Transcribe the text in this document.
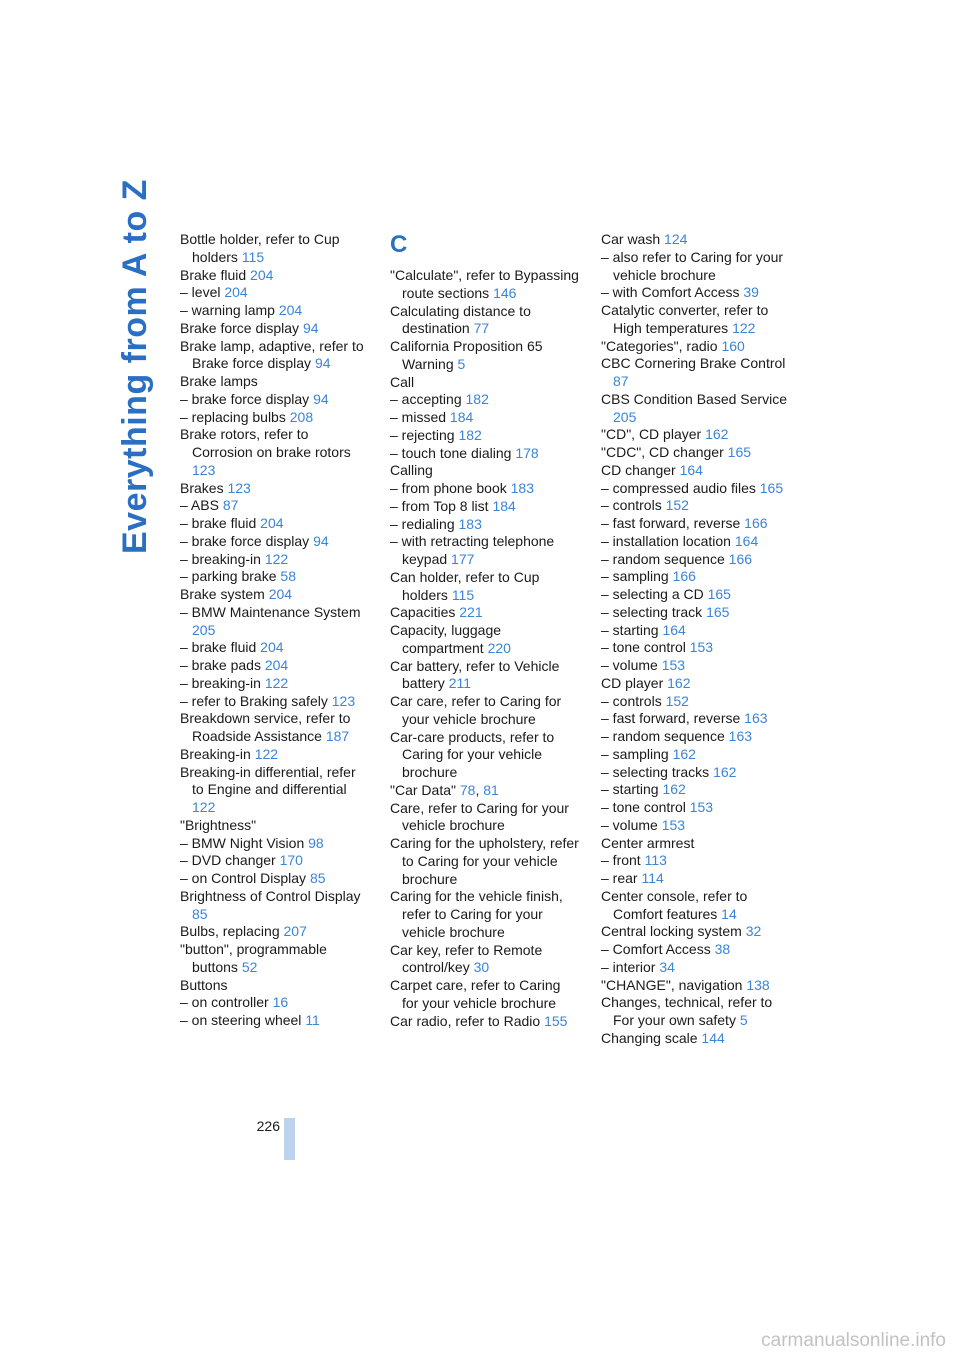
Everything from A to Z Bottle holder, refer to Cup holders 115
Brake fluid 204
– level 204
– warning lamp 204
Brake force display 94
Brake lamp, adaptive, refer to Brake force display 94
Brake lamps
– brake force display 94
– replacing bulbs 208
Brake rotors, refer to Corrosion on brake rotors 123
Brakes 123
– ABS 87
– brake fluid 204
– brake force display 94
– breaking-in 122
– parking brake 58
Brake system 204
– BMW Maintenance System 205
– brake fluid 204
– brake pads 204
– breaking-in 122
– refer to Braking safely 123
Breakdown service, refer to Roadside Assistance 187
Breaking-in 122
Breaking-in differential, refer to Engine and differential 122
"Brightness"
– BMW Night Vision 98
– DVD changer 170
– on Control Display 85
Brightness of Control Display 85
Bulbs, replacing 207
"button", programmable buttons 52
Buttons
– on controller 16
– on steering wheel 11
C
"Calculate", refer to Bypassing route sections 146
Calculating distance to destination 77
California Proposition 65 Warning 5
Call
– accepting 182
– missed 184
– rejecting 182
– touch tone dialing 178
Calling
– from phone book 183
– from Top 8 list 184
– redialing 183
– with retracting telephone keypad 177
Can holder, refer to Cup holders 115
Capacities 221
Capacity, luggage compartment 220
Car battery, refer to Vehicle battery 211
Car care, refer to Caring for your vehicle brochure
Car-care products, refer to Caring for your vehicle brochure
"Car Data" 78, 81
Care, refer to Caring for your vehicle brochure
Caring for the upholstery, refer to Caring for your vehicle brochure
Caring for the vehicle finish, refer to Caring for your vehicle brochure
Car key, refer to Remote control/key 30
Carpet care, refer to Caring for your vehicle brochure
Car radio, refer to Radio 155
Car wash 124
– also refer to Caring for your vehicle brochure
– with Comfort Access 39
Catalytic converter, refer to High temperatures 122
"Categories", radio 160
CBC Cornering Brake Control 87
CBS Condition Based Service 205
"CD", CD player 162
"CDC", CD changer 165
CD changer 164
– compressed audio files 165
– controls 152
– fast forward, reverse 166
– installation location 164
– random sequence 166
– sampling 166
– selecting a CD 165
– selecting track 165
– starting 164
– tone control 153
– volume 153
CD player 162
– controls 152
– fast forward, reverse 163
– random sequence 163
– sampling 162
– selecting tracks 162
– starting 162
– tone control 153
– volume 153
Center armrest
– front 113
– rear 114
Center console, refer to Comfort features 14
Central locking system 32
– Comfort Access 38
– interior 34
"CHANGE", navigation 138
Changes, technical, refer to For your own safety 5
Changing scale 144
226
carmanualsonline.info
